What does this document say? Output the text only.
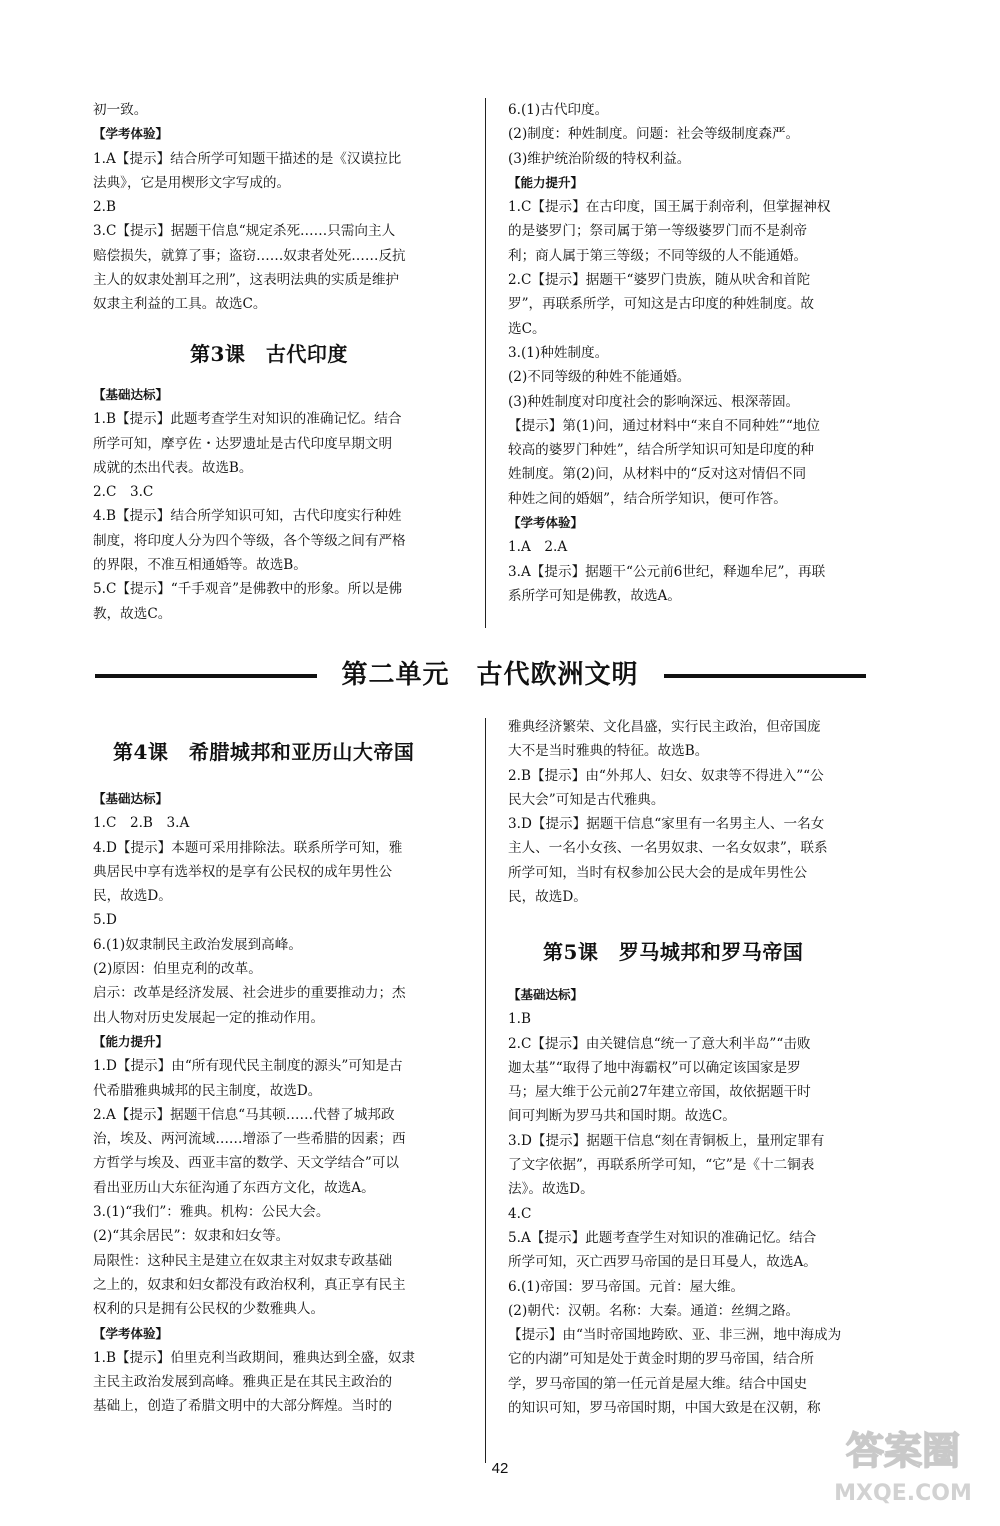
初一致。

【学考体验】

1.A【提示】结合所学可知题干描述的是《汉谟拉比

法典》，它是用楔形文字写成的。

2.B

3.C【提示】据题干信息“规定杀死……只需向主人

赔偿损失，就算了事；盗窃……奴隶者处死……反抗

主人的奴隶处割耳之刑”，这表明法典的实质是维护

奴隶主利益的工具。故选C。

第3课　古代印度

【基础达标】

1.B【提示】此题考查学生对知识的准确记忆。结合

所学可知，摩亨佐・达罗遗址是古代印度早期文明

成就的杰出代表。故选B。

2.C　3.C

4.B【提示】结合所学知识可知，古代印度实行种姓

制度，将印度人分为四个等级，各个等级之间有严格

的界限，不准互相通婚等。故选B。

5.C【提示】“千手观音”是佛教中的形象。所以是佛

教，故选C。

6.(1)古代印度。

(2)制度：种姓制度。问题：社会等级制度森严。

(3)维护统治阶级的特权利益。

【能力提升】

1.C【提示】在古印度，国王属于刹帝利，但掌握神权

的是婆罗门；祭司属于第一等级婆罗门而不是刹帝

利；商人属于第三等级；不同等级的人不能通婚。

2.C【提示】据题干“婆罗门贵族，随从吠舍和首陀

罗”，再联系所学，可知这是古印度的种姓制度。故

选C。

3.(1)种姓制度。

(2)不同等级的种姓不能通婚。

(3)种姓制度对印度社会的影响深远、根深蒂固。

【提示】第(1)问，通过材料中“来自不同种姓”“地位

较高的婆罗门种姓”，结合所学知识可知是印度的种

姓制度。第(2)问，从材料中的“反对这对情侣不同

种姓之间的婚姻”，结合所学知识，便可作答。

【学考体验】

1.A　2.A

3.A【提示】据题干“公元前6世纪，释迦牟尼”，再联

系所学可知是佛教，故选A。

第二单元　古代欧洲文明
第4课　希腊城邦和亚历山大帝国

【基础达标】

1.C　2.B　3.A

4.D【提示】本题可采用排除法。联系所学可知，雅

典居民中享有选举权的是享有公民权的成年男性公

民，故选D。

5.D

6.(1)奴隶制民主政治发展到高峰。

(2)原因：伯里克利的改革。

启示：改革是经济发展、社会进步的重要推动力；杰

出人物对历史发展起一定的推动作用。

【能力提升】

1.D【提示】由“所有现代民主制度的源头”可知是古

代希腊雅典城邦的民主制度，故选D。

2.A【提示】据题干信息“马其顿……代替了城邦政

治，埃及、两河流域……增添了一些希腊的因素；西

方哲学与埃及、西亚丰富的数学、天文学结合”可以

看出亚历山大东征沟通了东西方文化，故选A。

3.(1)“我们”：雅典。机构：公民大会。

(2)“其余居民”：奴隶和妇女等。

局限性：这种民主是建立在奴隶主对奴隶专政基础

之上的，奴隶和妇女都没有政治权利，真正享有民主

权利的只是拥有公民权的少数雅典人。

【学考体验】

1.B【提示】伯里克利当政期间，雅典达到全盛，奴隶

主民主政治发展到高峰。雅典正是在其民主政治的

基础上，创造了希腊文明中的大部分辉煌。当时的

雅典经济繁荣、文化昌盛，实行民主政治，但帝国庞

大不是当时雅典的特征。故选B。

2.B【提示】由“外邦人、妇女、奴隶等不得进入”“公

民大会”可知是古代雅典。

3.D【提示】据题干信息“家里有一名男主人、一名女

主人、一名小女孩、一名男奴隶、一名女奴隶”，联系

所学可知，当时有权参加公民大会的是成年男性公

民，故选D。

第5课　罗马城邦和罗马帝国

【基础达标】

1.B

2.C【提示】由关键信息“统一了意大利半岛”“击败

迦太基”“取得了地中海霸权”可以确定该国家是罗

马；屋大维于公元前27年建立帝国，故依据题干时

间可判断为罗马共和国时期。故选C。

3.D【提示】据题干信息“刻在青铜板上，量刑定罪有

了文字依据”，再联系所学可知，“它”是《十二铜表

法》。故选D。

4.C

5.A【提示】此题考查学生对知识的准确记忆。结合

所学可知，灭亡西罗马帝国的是日耳曼人，故选A。

6.(1)帝国：罗马帝国。元首：屋大维。

(2)朝代：汉朝。名称：大秦。通道：丝绸之路。

【提示】由“当时帝国地跨欧、亚、非三洲，地中海成为

它的内湖”可知是处于黄金时期的罗马帝国，结合所

学，罗马帝国的第一任元首是屋大维。结合中国史

的知识可知，罗马帝国时期，中国大致是在汉朝，称

42	答案圈
MXQE.COM
